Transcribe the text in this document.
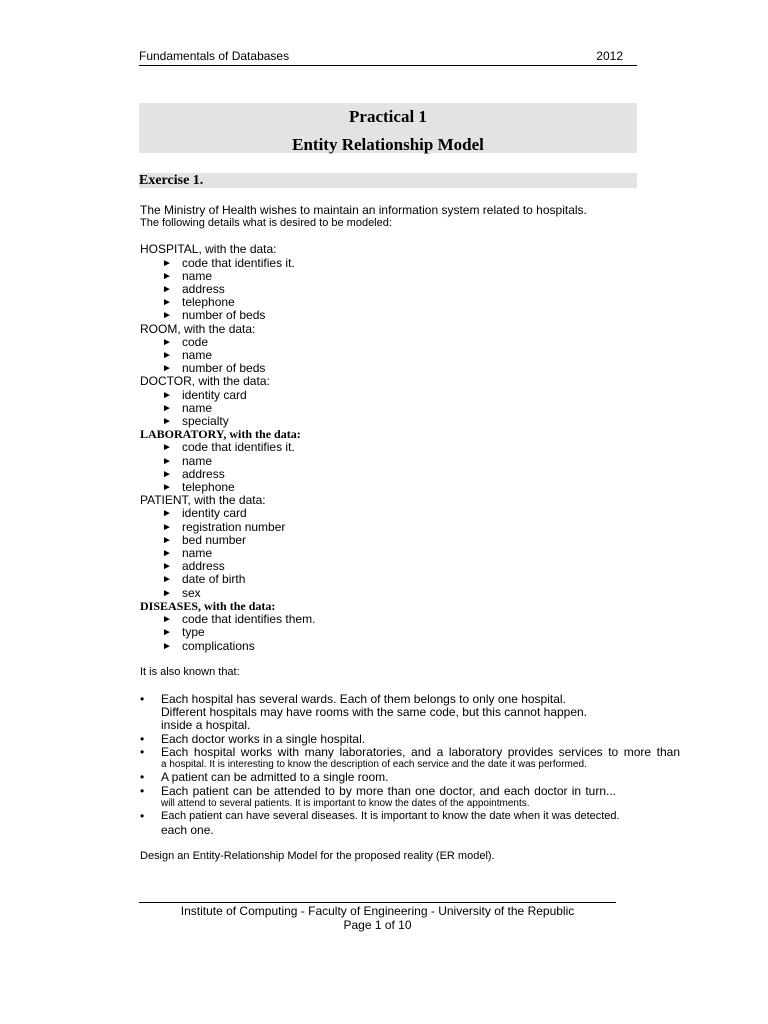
Fundamentals of Databases	2012
Practical 1
Entity Relationship Model
Exercise 1.

The Ministry of Health wishes to maintain an information system related to hospitals.

The following details what is desired to be modeled:

HOSPITAL, with the data:

► code that identifies it.
► name
► address
► telephone
► number of beds

ROOM, with the data:

► code
► name
► number of beds

DOCTOR, with the data:

► identity card
► name
► specialty

LABORATORY, with the data:

► code that identifies it.
► name
► address
► telephone

PATIENT, with the data:

► identity card
► registration number
► bed number
► name
► address
► date of birth
► sex

DISEASES, with the data:

► code that identifies them.
► type
► complications

It is also known that:

• Each hospital has several wards. Each of them belongs to only one hospital.
Different hospitals may have rooms with the same code, but this cannot happen.
inside a hospital.
• Each doctor works in a single hospital.
• Each hospital works with many laboratories, and a laboratory provides services to more than
a hospital. It is interesting to know the description of each service and the date it was performed.
• A patient can be admitted to a single room.
• Each patient can be attended to by more than one doctor, and each doctor in turn...
will attend to several patients. It is important to know the dates of the appointments.
• Each patient can have several diseases. It is important to know the date when it was detected.
each one.

Design an Entity-Relationship Model for the proposed reality (ER model).

Institute of Computing - Faculty of Engineering - University of the Republic
Page 1 of 10
